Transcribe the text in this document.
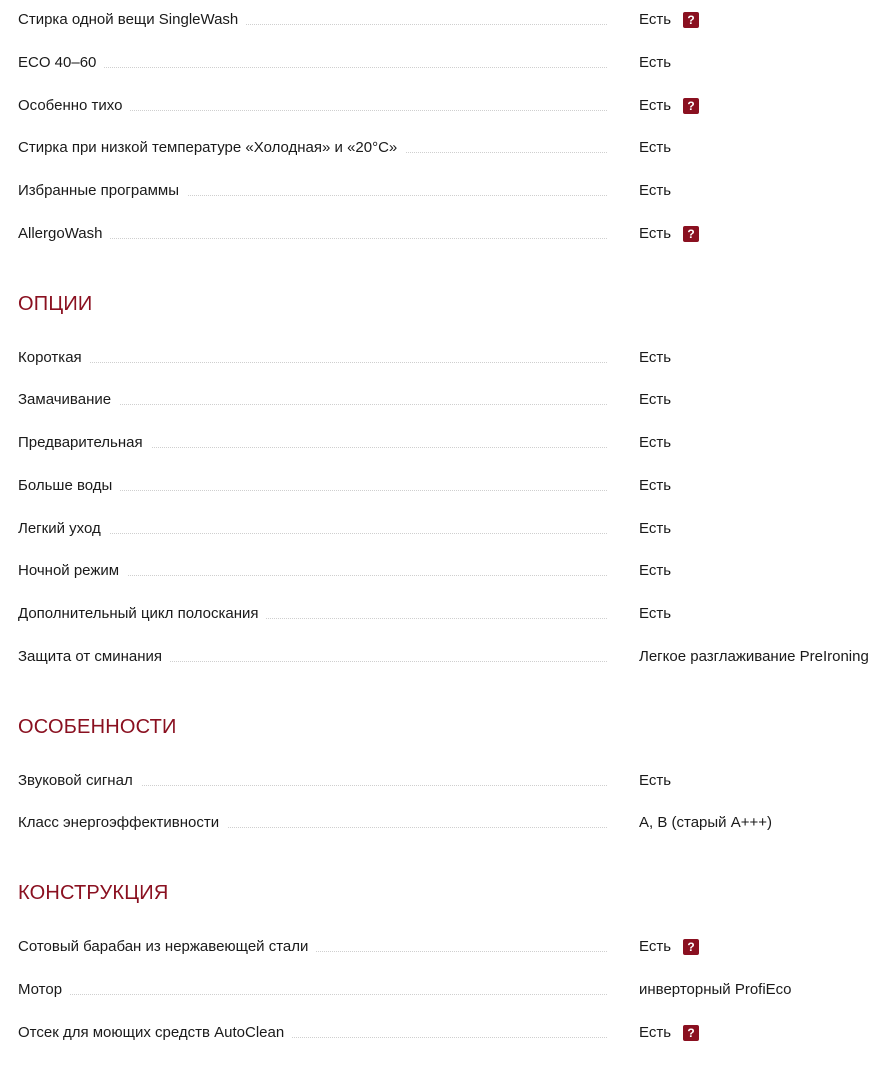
Стирка одной вещи SingleWash	Есть	?
ECO 40–60	Есть
Особенно тихо	Есть	?
Стирка при низкой температуре «Холодная» и «20°C»	Есть
Избранные программы	Есть
AllergoWash	Есть	?
ОПЦИИ
Короткая	Есть
Замачивание	Есть
Предварительная	Есть
Больше воды	Есть
Легкий уход	Есть
Ночной режим	Есть
Дополнительный цикл полоскания	Есть
Защита от сминания	Легкое разглаживание PreIroning
ОСОБЕННОСТИ
Звуковой сигнал	Есть
Класс энергоэффективности	А, В (старый А+++)
КОНСТРУКЦИЯ
Сотовый барабан из нержавеющей стали	Есть	?
Мотор	инверторный ProfiEco
Отсек для моющих средств AutoClean	Есть	?
